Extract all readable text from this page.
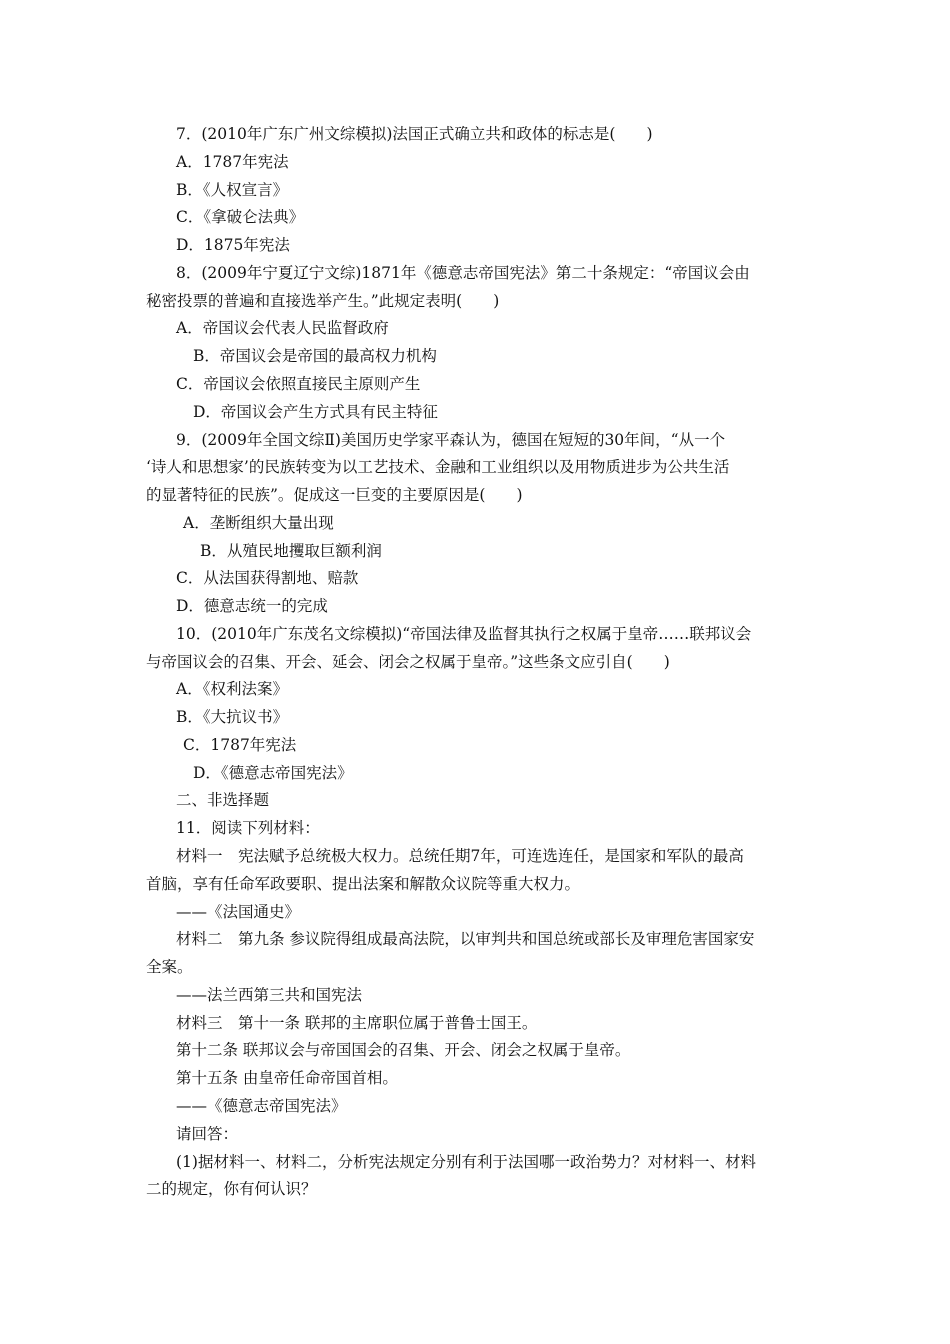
7．(2010年广东广州文综模拟)法国正式确立共和政体的标志是(　　)
A．1787年宪法
B．《人权宣言》
C．《拿破仑法典》
D．1875年宪法
8．(2009年宁夏辽宁文综)1871年《德意志帝国宪法》第二十条规定：“帝国议会由
秘密投票的普遍和直接选举产生。”此规定表明(　　)
A．帝国议会代表人民监督政府
B．帝国议会是帝国的最高权力机构
C．帝国议会依照直接民主原则产生
D．帝国议会产生方式具有民主特征
9．(2009年全国文综Ⅱ)美国历史学家平森认为，德国在短短的30年间，“从一个
‘诗人和思想家’的民族转变为以工艺技术、金融和工业组织以及用物质进步为公共生活
的显著特征的民族”。促成这一巨变的主要原因是(　　)
A．垄断组织大量出现
B．从殖民地攫取巨额利润
C．从法国获得割地、赔款
D．德意志统一的完成
10．(2010年广东茂名文综模拟)“帝国法律及监督其执行之权属于皇帝……联邦议会
与帝国议会的召集、开会、延会、闭会之权属于皇帝。”这些条文应引自(　　)
A．《权利法案》
B．《大抗议书》
C．1787年宪法
D．《德意志帝国宪法》
二、非选择题
11．阅读下列材料：
材料一　宪法赋予总统极大权力。总统任期7年，可连选连任，是国家和军队的最高
首脑，享有任命军政要职、提出法案和解散众议院等重大权力。
——《法国通史》
材料二　第九条 参议院得组成最高法院，以审判共和国总统或部长及审理危害国家安
全案。
——法兰西第三共和国宪法
材料三　第十一条 联邦的主席职位属于普鲁士国王。
第十二条 联邦议会与帝国国会的召集、开会、闭会之权属于皇帝。
第十五条 由皇帝任命帝国首相。
——《德意志帝国宪法》
请回答：
(1)据材料一、材料二，分析宪法规定分别有利于法国哪一政治势力？对材料一、材料
二的规定，你有何认识？
